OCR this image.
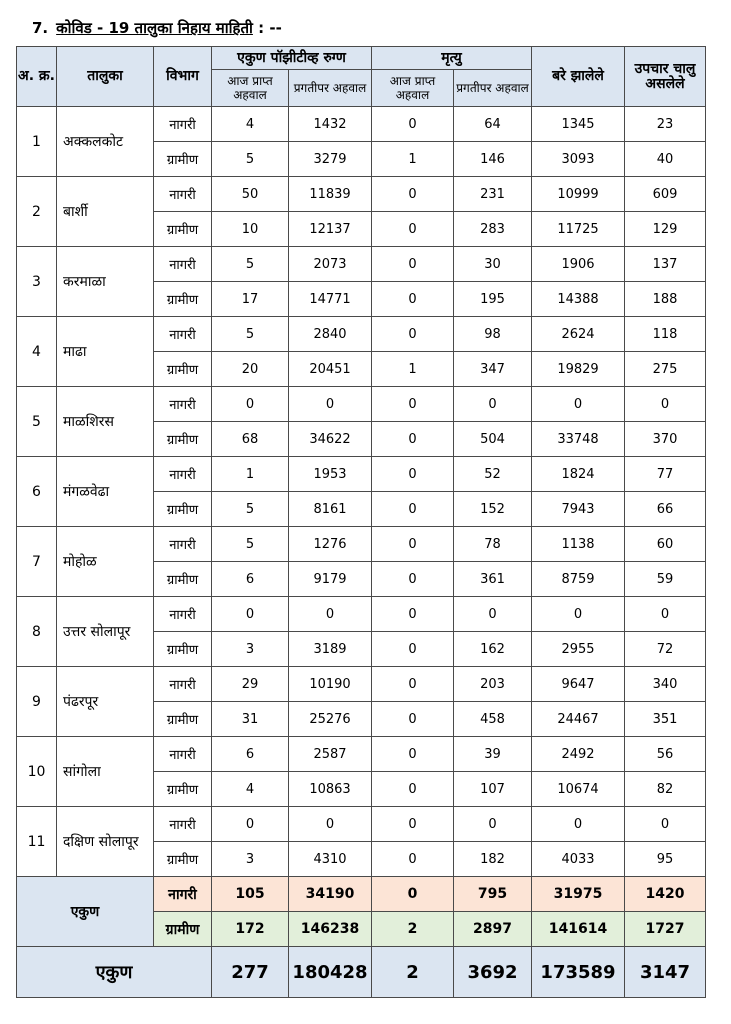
7. कोविड - 19 तालुका निहाय माहिती : --
अ. क्र.	तालुका	विभाग	एकुण पॉझीटीव्ह रुग्ण		मृत्यु		बरे झालेले	उपचार चालु असलेले
			आज प्राप्त अहवाल	प्रगतीपर अहवाल	आज प्राप्त अहवाल	प्रगतीपर अहवाल		
1	अक्कलकोट	नागरी	4	1432	0	64	1345	23
		ग्रामीण	5	3279	1	146	3093	40
2	बार्शी	नागरी	50	11839	0	231	10999	609
		ग्रामीण	10	12137	0	283	11725	129
3	करमाळा	नागरी	5	2073	0	30	1906	137
		ग्रामीण	17	14771	0	195	14388	188
4	माढा	नागरी	5	2840	0	98	2624	118
		ग्रामीण	20	20451	1	347	19829	275
5	माळशिरस	नागरी	0	0	0	0	0	0
		ग्रामीण	68	34622	0	504	33748	370
6	मंगळवेढा	नागरी	1	1953	0	52	1824	77
		ग्रामीण	5	8161	0	152	7943	66
7	मोहोळ	नागरी	5	1276	0	78	1138	60
		ग्रामीण	6	9179	0	361	8759	59
8	उत्तर सोलापूर	नागरी	0	0	0	0	0	0
		ग्रामीण	3	3189	0	162	2955	72
9	पंढरपूर	नागरी	29	10190	0	203	9647	340
		ग्रामीण	31	25276	0	458	24467	351
10	सांगोला	नागरी	6	2587	0	39	2492	56
		ग्रामीण	4	10863	0	107	10674	82
11	दक्षिण सोलापूर	नागरी	0	0	0	0	0	0
		ग्रामीण	3	4310	0	182	4033	95
एकुण		नागरी	105	34190	0	795	31975	1420
		ग्रामीण	172	146238	2	2897	141614	1727
एकुण			277	180428	2	3692	173589	3147
